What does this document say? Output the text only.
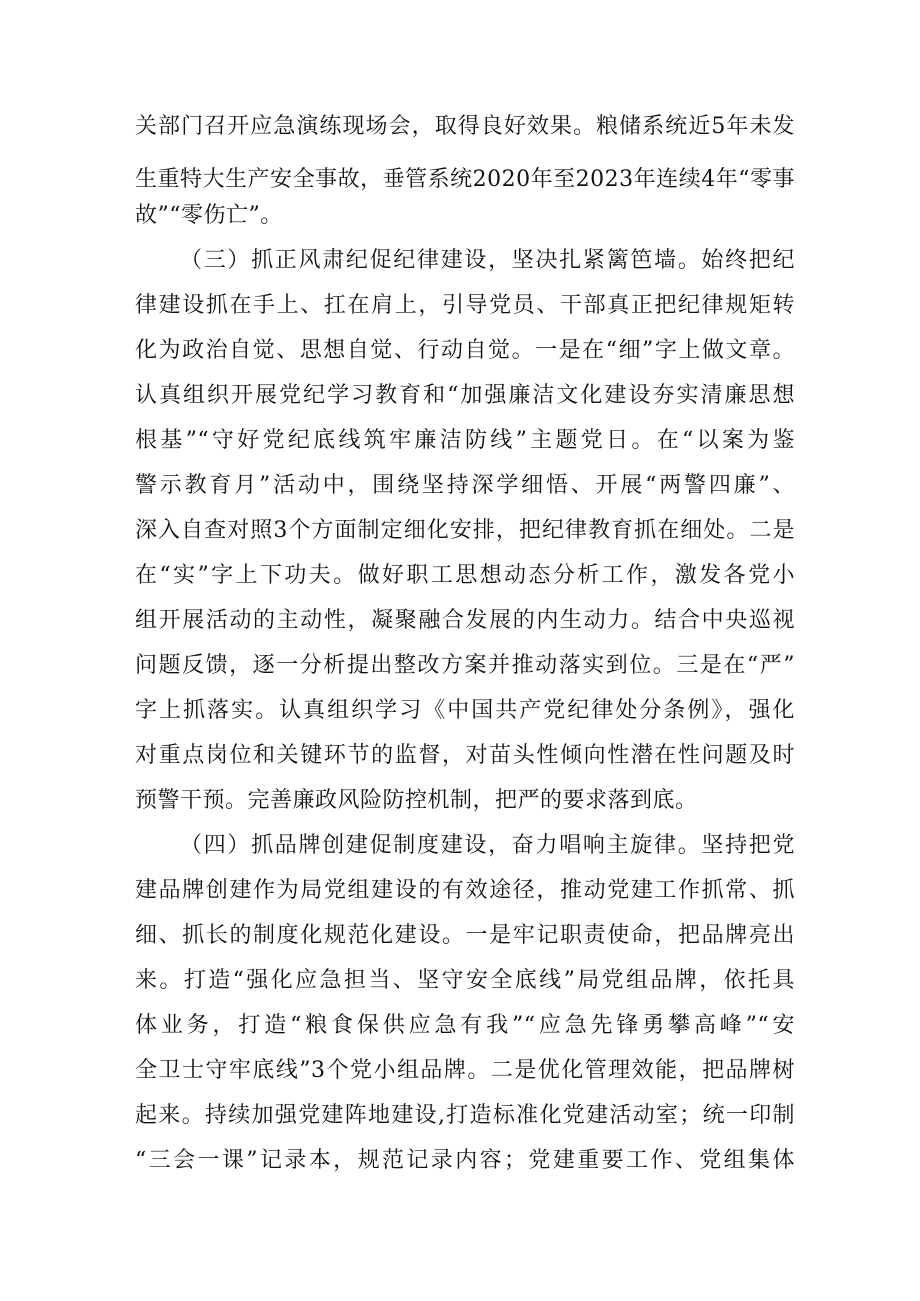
关部门召开应急演练现场会，取得良好效果。粮储系统近5年未发
生重特大生产安全事故，垂管系统2020年至2023年连续4年“零事
故”“零伤亡”。
（三）抓正风肃纪促纪律建设，坚决扎紧篱笆墙。始终把纪
律建设抓在手上、扛在肩上，引导党员、干部真正把纪律规矩转
化为政治自觉、思想自觉、行动自觉。一是在“细”字上做文章。
认真组织开展党纪学习教育和“加强廉洁文化建设夯实清廉思想
根基”“守好党纪底线筑牢廉洁防线”主题党日。在“以案为鉴
警示教育月”活动中，围绕坚持深学细悟、开展“两警四廉”、
深入自查对照3个方面制定细化安排，把纪律教育抓在细处。二是
在“实”字上下功夫。做好职工思想动态分析工作，激发各党小
组开展活动的主动性，凝聚融合发展的内生动力。结合中央巡视
问题反馈，逐一分析提出整改方案并推动落实到位。三是在“严”
字上抓落实。认真组织学习《中国共产党纪律处分条例》，强化
对重点岗位和关键环节的监督，对苗头性倾向性潜在性问题及时
预警干预。完善廉政风险防控机制，把严的要求落到底。
（四）抓品牌创建促制度建设，奋力唱响主旋律。坚持把党
建品牌创建作为局党组建设的有效途径，推动党建工作抓常、抓
细、抓长的制度化规范化建设。一是牢记职责使命，把品牌亮出
来。打造“强化应急担当、坚守安全底线”局党组品牌，依托具
体业务，打造“粮食保供应急有我”“应急先锋勇攀高峰”“安
全卫士守牢底线”3个党小组品牌。二是优化管理效能，把品牌树
起来。持续加强党建阵地建设,打造标准化党建活动室；统一印制
“三会一课”记录本，规范记录内容；党建重要工作、党组集体
